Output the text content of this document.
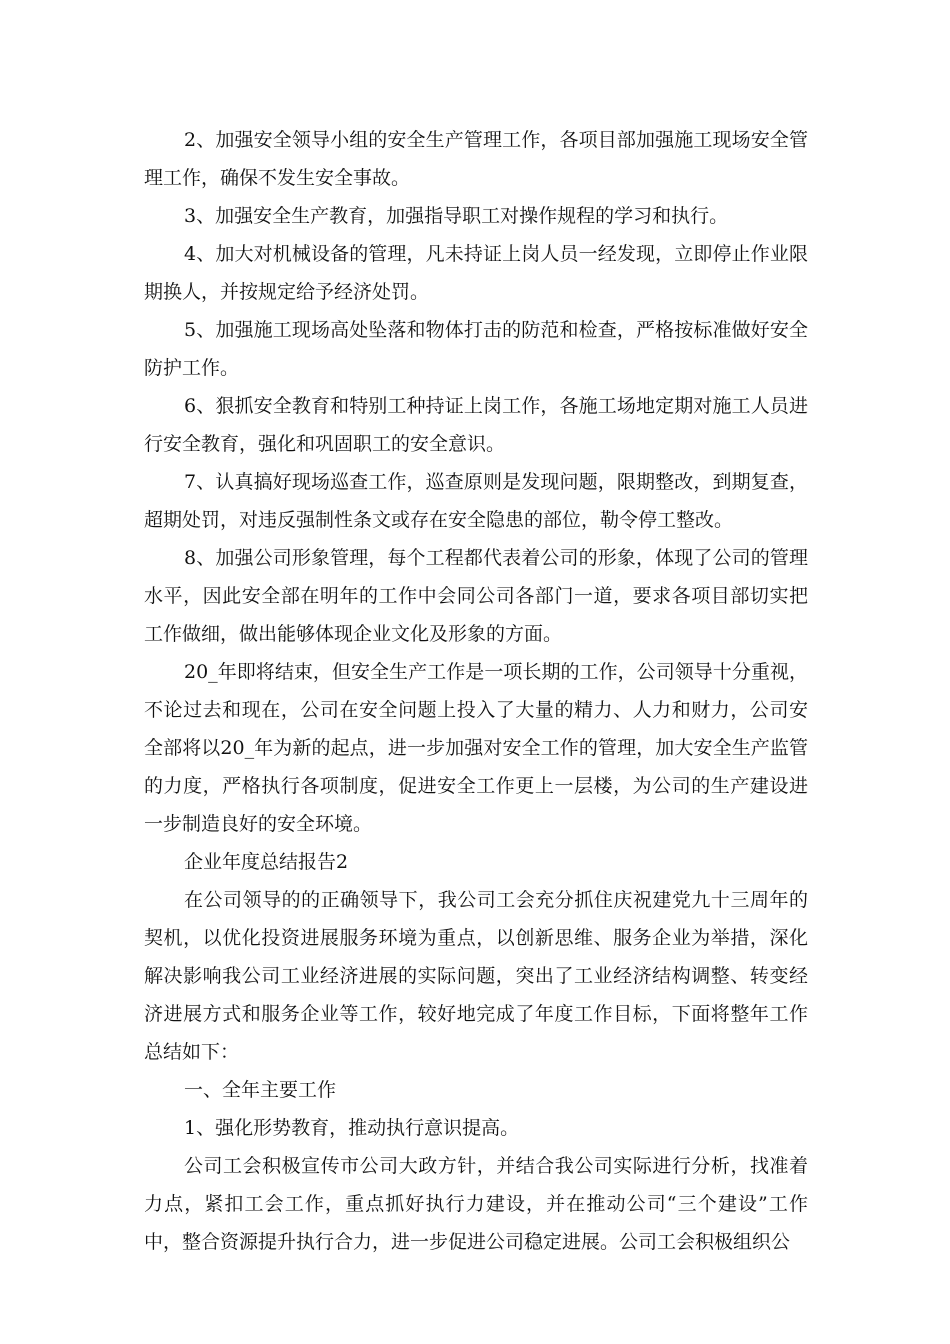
2、加强安全领导小组的安全生产管理工作，各项目部加强施工现场安全管理工作，确保不发生安全事故。

3、加强安全生产教育，加强指导职工对操作规程的学习和执行。

4、加大对机械设备的管理，凡未持证上岗人员一经发现，立即停止作业限期换人，并按规定给予经济处罚。

5、加强施工现场高处坠落和物体打击的防范和检查，严格按标准做好安全防护工作。

6、狠抓安全教育和特别工种持证上岗工作，各施工场地定期对施工人员进行安全教育，强化和巩固职工的安全意识。

7、认真搞好现场巡查工作，巡查原则是发现问题，限期整改，到期复查，超期处罚，对违反强制性条文或存在安全隐患的部位，勒令停工整改。

8、加强公司形象管理，每个工程都代表着公司的形象，体现了公司的管理水平，因此安全部在明年的工作中会同公司各部门一道，要求各项目部切实把工作做细，做出能够体现企业文化及形象的方面。

20_年即将结束，但安全生产工作是一项长期的工作，公司领导十分重视，不论过去和现在，公司在安全问题上投入了大量的精力、人力和财力，公司安全部将以20_年为新的起点，进一步加强对安全工作的管理，加大安全生产监管的力度，严格执行各项制度，促进安全工作更上一层楼，为公司的生产建设进一步制造良好的安全环境。

企业年度总结报告2

在公司领导的的正确领导下，我公司工会充分抓住庆祝建党九十三周年的契机，以优化投资进展服务环境为重点，以创新思维、服务企业为举措，深化解决影响我公司工业经济进展的实际问题，突出了工业经济结构调整、转变经济进展方式和服务企业等工作，较好地完成了年度工作目标，下面将整年工作总结如下：

一、全年主要工作

1、强化形势教育，推动执行意识提高。

公司工会积极宣传市公司大政方针，并结合我公司实际进行分析，找准着力点，紧扣工会工作，重点抓好执行力建设，并在推动公司“三个建设”工作中，整合资源提升执行合力，进一步促进公司稳定进展。公司工会积极组织公
